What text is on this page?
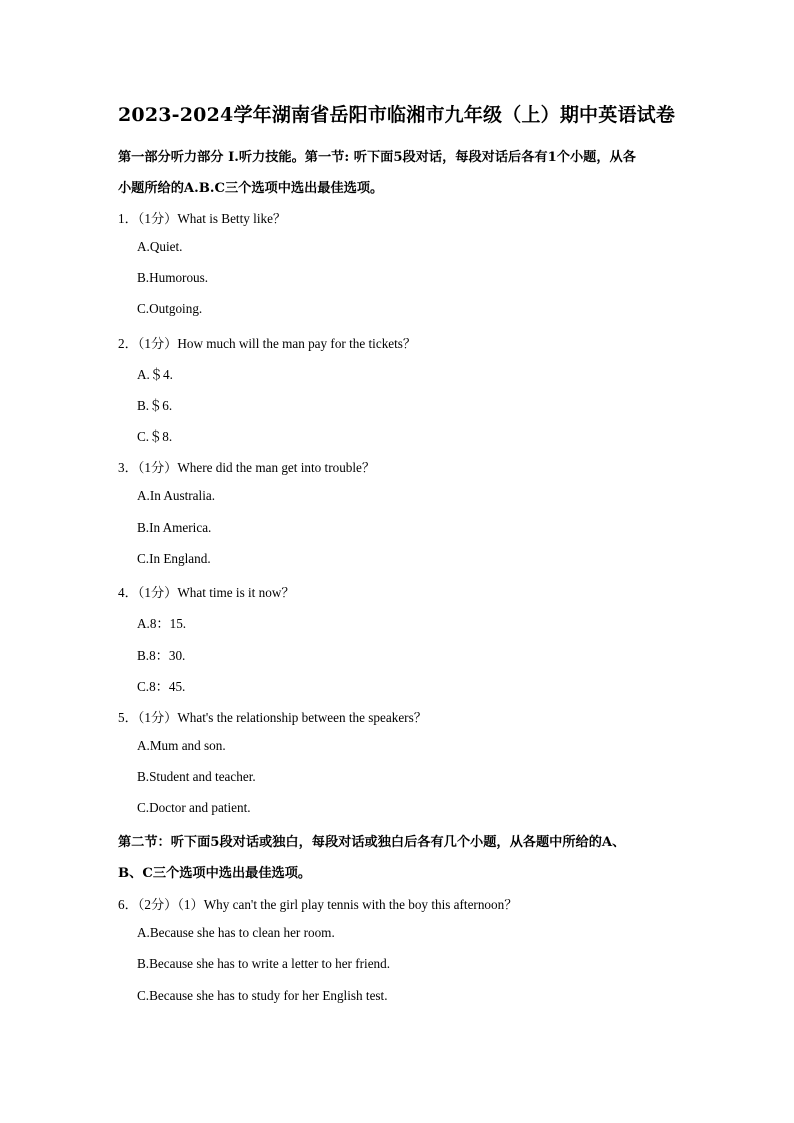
2023-2024学年湖南省岳阳市临湘市九年级（上）期中英语试卷
第一部分听力部分 I.听力技能。第一节: 听下面5段对话，每段对话后各有1个小题，从各
小题所给的A.B.C三个选项中选出最佳选项。
1．（1分）What is Betty like？
A.Quiet.
B.Humorous.
C.Outgoing.
2．（1分）How much will the man pay for the tickets？
A.＄4.
B.＄6.
C.＄8.
3．（1分）Where did the man get into trouble？
A.In Australia.
B.In America.
C.In England.
4．（1分）What time is it now？
A.8：15.
B.8：30.
C.8：45.
5．（1分）What's the relationship between the speakers？
A.Mum and son.
B.Student and teacher.
C.Doctor and patient.
第二节：听下面5段对话或独白，每段对话或独白后各有几个小题，从各题中所给的A、
B、C三个选项中选出最佳选项。
6．（2分）（1）Why can't the girl play tennis with the boy this afternoon？
A.Because she has to clean her room.
B.Because she has to write a letter to her friend.
C.Because she has to study for her English test.
